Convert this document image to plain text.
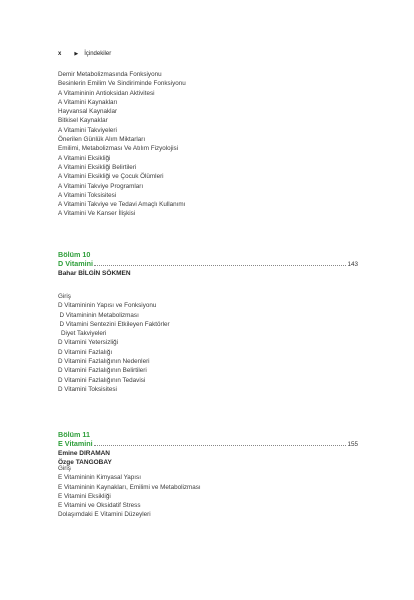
x	▶ İçindekiler
Demir Metabolizmasında Fonksiyonu
Besinlerin Emilim Ve Sindiriminde Fonksiyonu
A Vitamininin Antioksidan Aktivitesi
A Vitamini Kaynakları
Hayvansal Kaynaklar
Bitkisel Kaynaklar
A Vitamini Takviyeleri
Önerilen Günlük Alım Miktarları
Emilimi, Metabolizması Ve Atılım Fizyolojisi
A Vitamini Eksikliği
A Vitamini Eksikliği Belirtileri
A Vitamini Eksikliği ve Çocuk Ölümleri
A Vitamini Takviye Programları
A Vitamini Toksisitesi
A Vitamini Takviye ve Tedavi Amaçlı Kullanımı
A Vitamini Ve Kanser İlişkisi
Bölüm 10
D Vitamini	143
Bahar BİLGİN SÖKMEN
Giriş
D Vitamininin Yapısı ve Fonksiyonu
D Vitamininin Metabolizması
D Vitamini Sentezini Etkileyen Faktörler
Diyet Takviyeleri
D Vitamini Yetersizliği
D Vitamini Fazlalığı
D Vitamini Fazlalığının Nedenleri
D Vitamini Fazlalığının Belirtileri
D Vitamini Fazlalığının Tedavisi
D Vitamini Toksisitesi
Bölüm 11
E Vitamini	155
Emine DIRAMAN
Özge TANGOBAY
Giriş
E Vitamininin Kimyasal Yapısı
E Vitamininin Kaynakları, Emilimi ve Metabolizması
E Vitamini Eksikliği
E Vitamini ve Oksidatif Stress
Dolaşımdaki E Vitamini Düzeyleri
